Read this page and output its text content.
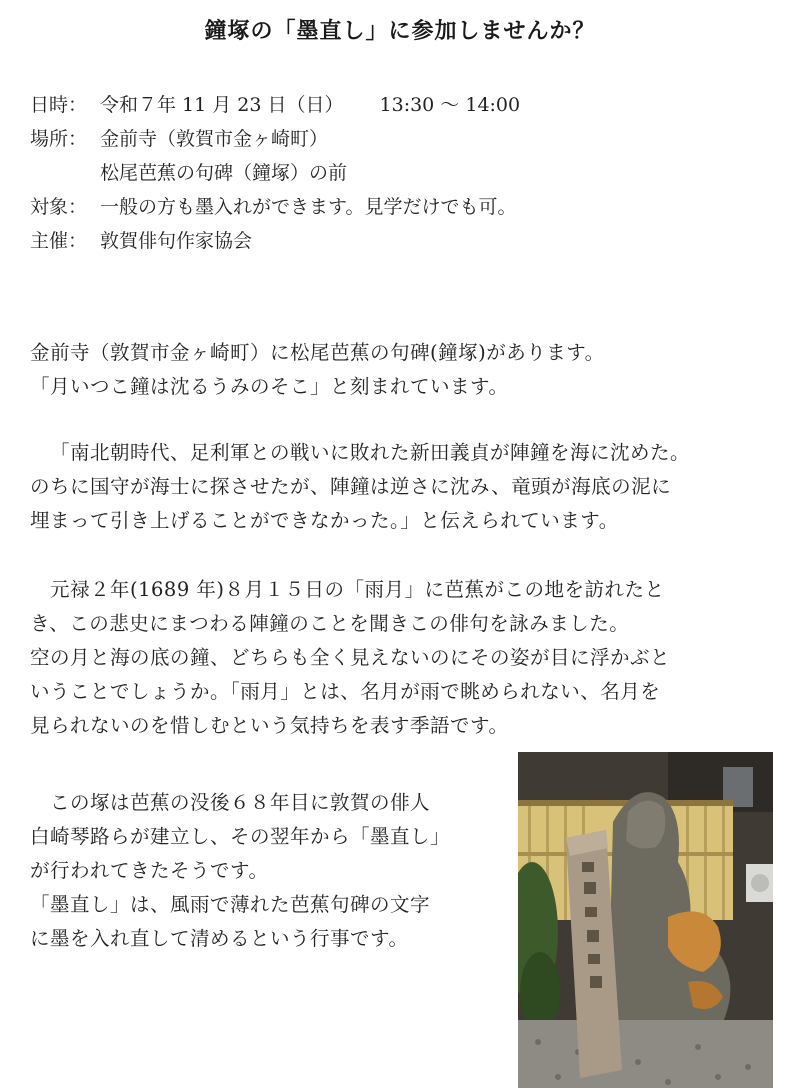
鐘塚の「墨直し」に参加しませんか？
日時： 令和７年 11 月 23 日（日） 13:30 〜 14:00
場所： 金前寺（敦賀市金ヶ崎町）
松尾芭蕉の句碑（鐘塚）の前
対象： 一般の方も墨入れができます。見学だけでも可。
主催： 敦賀俳句作家協会
金前寺（敦賀市金ヶ崎町）に松尾芭蕉の句碑(鐘塚)があります。
「月いつこ鐘は沈るうみのそこ」と刻まれています。
「南北朝時代、足利軍との戦いに敗れた新田義貞が陣鐘を海に沈めた。
のちに国守が海士に探させたが、陣鐘は逆さに沈み、竜頭が海底の泥に
埋まって引き上げることができなかった。」と伝えられています。
元禄２年(1689 年)８月１５日の「雨月」に芭蕉がこの地を訪れたと
き、この悲史にまつわる陣鐘のことを聞きこの俳句を詠みました。
空の月と海の底の鐘、どちらも全く見えないのにその姿が目に浮かぶと
いうことでしょうか。「雨月」とは、名月が雨で眺められない、名月を
見られないのを惜しむという気持ちを表す季語です。
この塚は芭蕉の没後６８年目に敦賀の俳人
白崎琴路らが建立し、その翌年から「墨直し」
が行われてきたそうです。
「墨直し」は、風雨で薄れた芭蕉句碑の文字
に墨を入れ直して清めるという行事です。
